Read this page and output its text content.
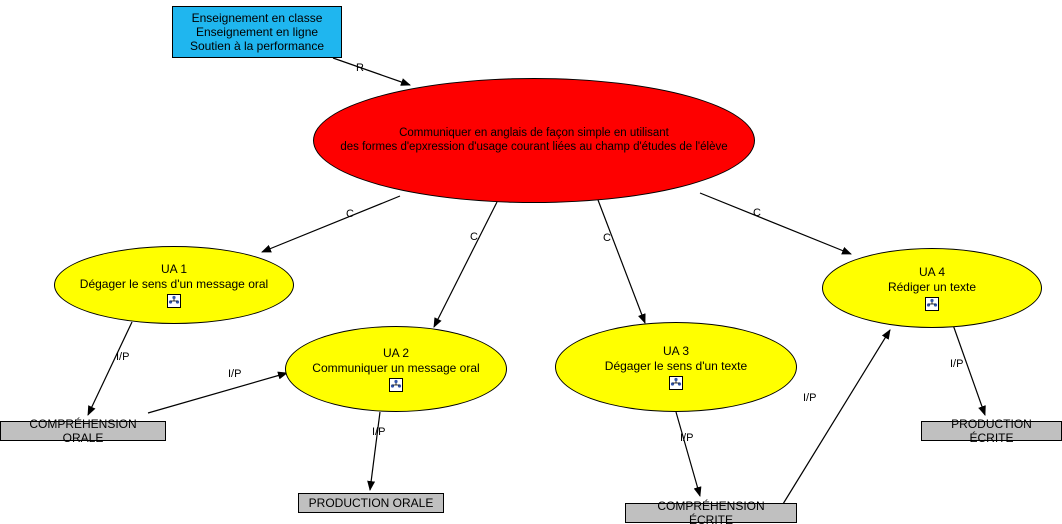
Enseignement en classe
Enseignement en ligne
Soutien à la performance
Communiquer en anglais de façon simple en utilisant
des formes d'epxression d'usage courant liées au champ d'études de l'élève
UA 1
Dégager le sens d'un message oral
UA 2
Communiquer un message oral
UA 3
Dégager le sens d'un texte
UA 4
Rédiger un texte
COMPRÉHENSION ORALE
PRODUCTION ORALE	COMPRÉHENSION ÉCRITE
PRODUCTION ÉCRITE
R
C
C	C
C
I/P
I/P
I/P	I/P
I/P
I/P
